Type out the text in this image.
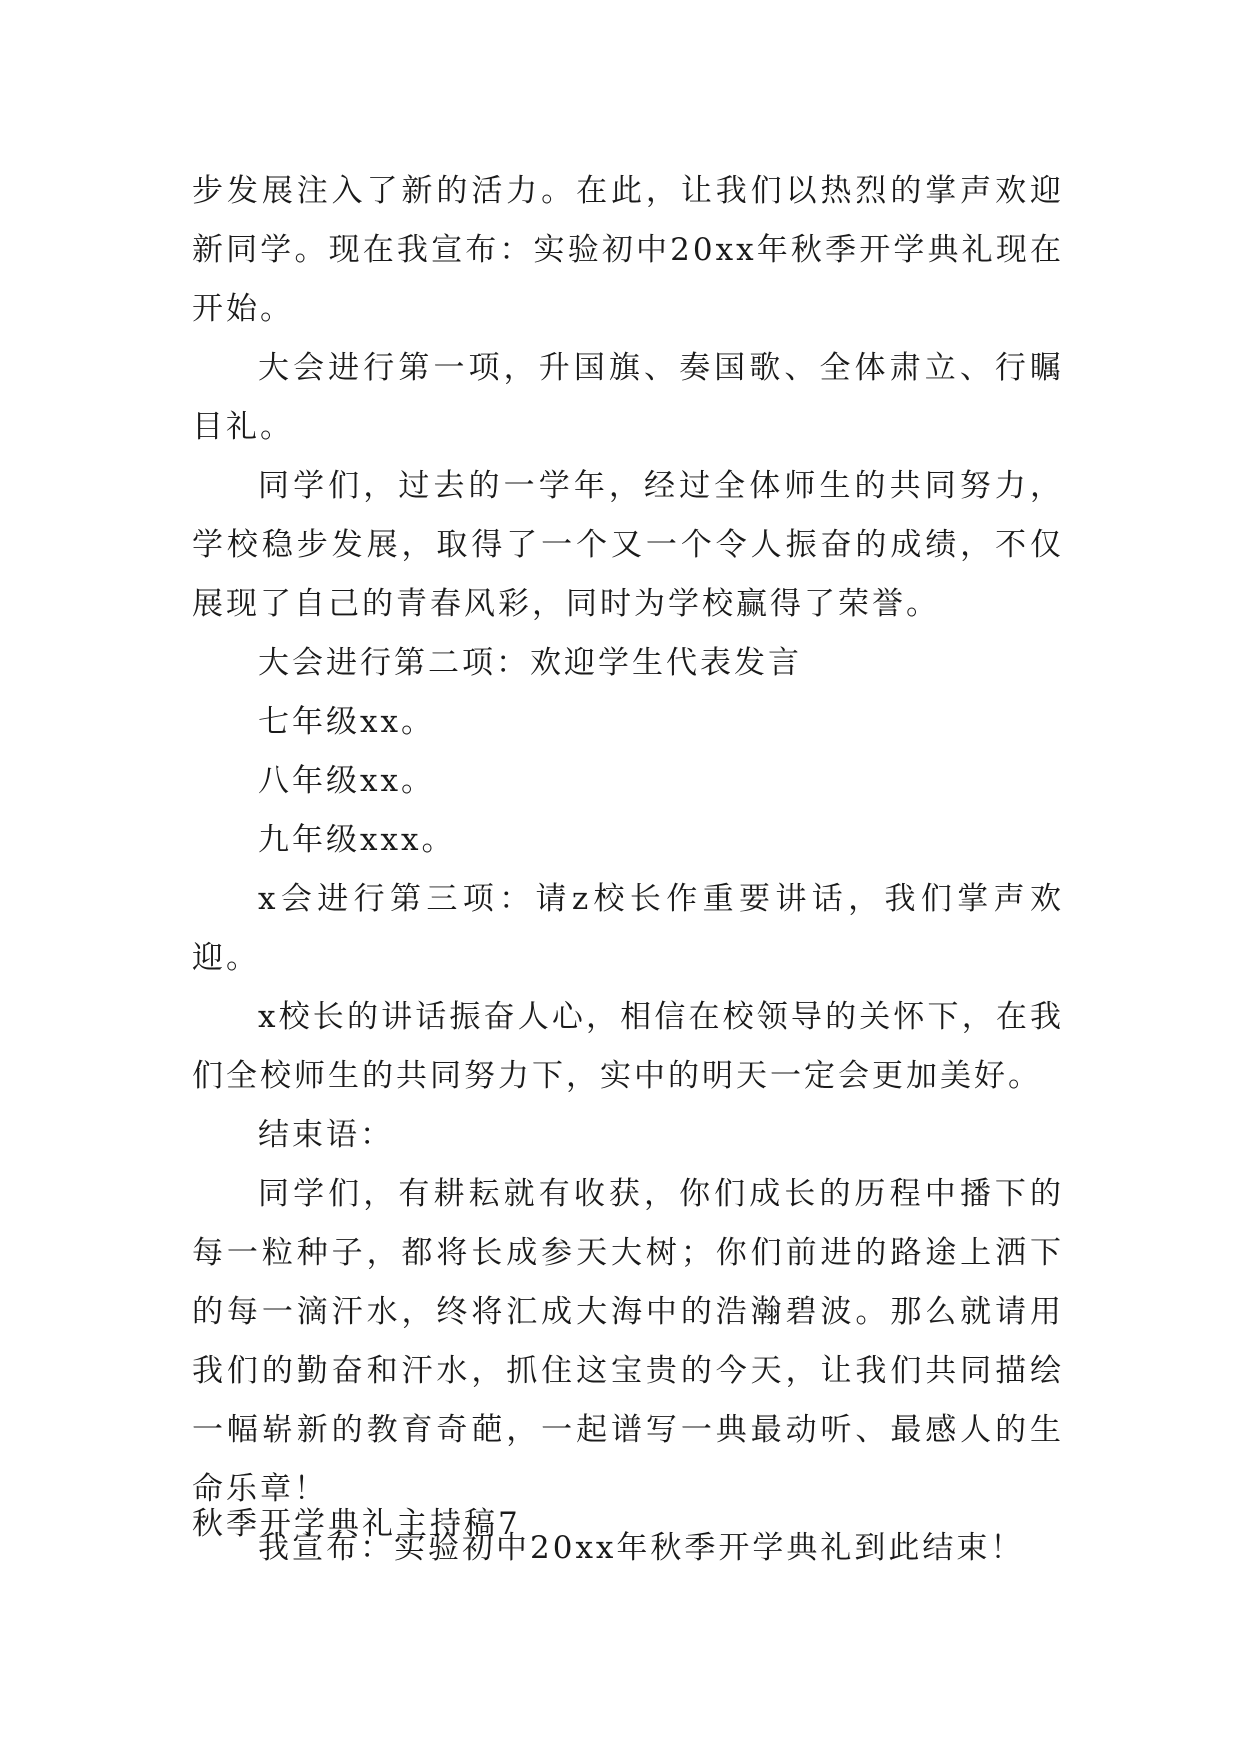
步发展注入了新的活力。在此，让我们以热烈的掌声欢迎新同学。现在我宣布：实验初中20xx年秋季开学典礼现在开始。

大会进行第一项，升国旗、奏国歌、全体肃立、行瞩目礼。

同学们，过去的一学年，经过全体师生的共同努力，学校稳步发展，取得了一个又一个令人振奋的成绩，不仅展现了自己的青春风彩，同时为学校赢得了荣誉。

大会进行第二项：欢迎学生代表发言

七年级xx。

八年级xx。

九年级xxx。

x会进行第三项：请z校长作重要讲话，我们掌声欢迎。

x校长的讲话振奋人心，相信在校领导的关怀下，在我们全校师生的共同努力下，实中的明天一定会更加美好。

结束语：

同学们，有耕耘就有收获，你们成长的历程中播下的每一粒种子，都将长成参天大树；你们前进的路途上洒下的每一滴汗水，终将汇成大海中的浩瀚碧波。那么就请用我们的勤奋和汗水，抓住这宝贵的今天，让我们共同描绘一幅崭新的教育奇葩，一起谱写一典最动听、最感人的生命乐章！

我宣布：实验初中20xx年秋季开学典礼到此结束！

秋季开学典礼主持稿7
